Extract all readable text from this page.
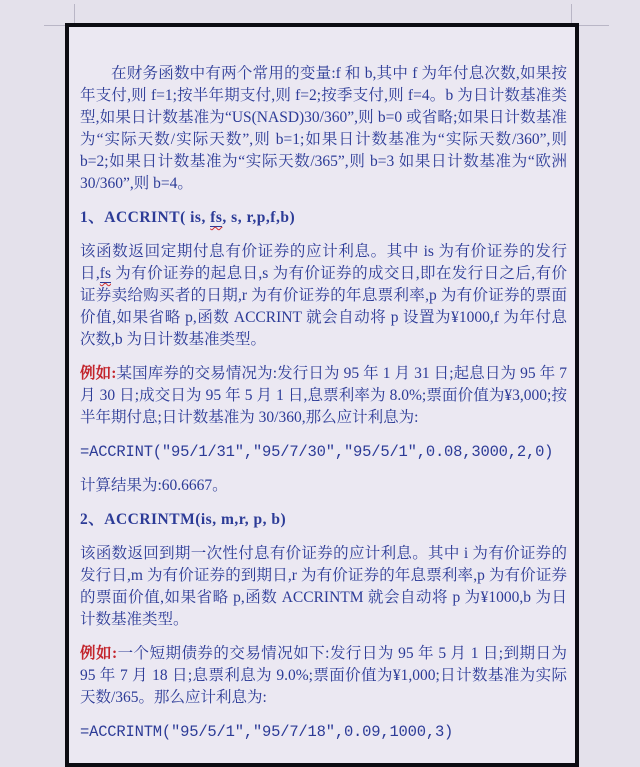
在财务函数中有两个常用的变量:f 和 b,其中 f 为年付息次数,如果按年支付,则 f=1;按半年期支付,则 f=2;按季支付,则 f=4。b 为日计数基准类型,如果日计数基准为“US(NASD)30/360”,则 b=0 或省略;如果日计数基准为“实际天数/实际天数”,则 b=1;如果日计数基准为“实际天数/360”,则 b=2;如果日计数基准为“实际天数/365”,则 b=3 如果日计数基准为“欧洲 30/360”,则 b=4。

1、ACCRINT( is, fs, s, r,p,f,b)

该函数返回定期付息有价证券的应计利息。其中 is 为有价证券的发行日,fs 为有价证券的起息日,s 为有价证券的成交日,即在发行日之后,有价证券卖给购买者的日期,r 为有价证券的年息票利率,p 为有价证券的票面价值,如果省略 p,函数 ACCRINT 就会自动将 p 设置为¥1000,f 为年付息次数,b 为日计数基准类型。

例如:某国库券的交易情况为:发行日为 95 年 1 月 31 日;起息日为 95 年 7 月 30 日;成交日为 95 年 5 月 1 日,息票利率为 8.0%;票面价值为¥3,000;按半年期付息;日计数基准为 30/360,那么应计利息为:

=ACCRINT(″95/1/31″,″95/7/30″,″95/5/1″,0.08,3000,2,0)

计算结果为:60.6667。

2、ACCRINTM(is, m,r, p, b)

该函数返回到期一次性付息有价证券的应计利息。其中 i 为有价证券的发行日,m 为有价证券的到期日,r 为有价证券的年息票利率,p 为有价证券的票面价值,如果省略 p,函数 ACCRINTM 就会自动将 p 为¥1000,b 为日计数基准类型。

例如:一个短期债券的交易情况如下:发行日为 95 年 5 月 1 日;到期日为 95 年 7 月 18 日;息票利息为 9.0%;票面价值为¥1,000;日计数基准为实际天数/365。那么应计利息为:

=ACCRINTM(″95/5/1″,″95/7/18″,0.09,1000,3)
